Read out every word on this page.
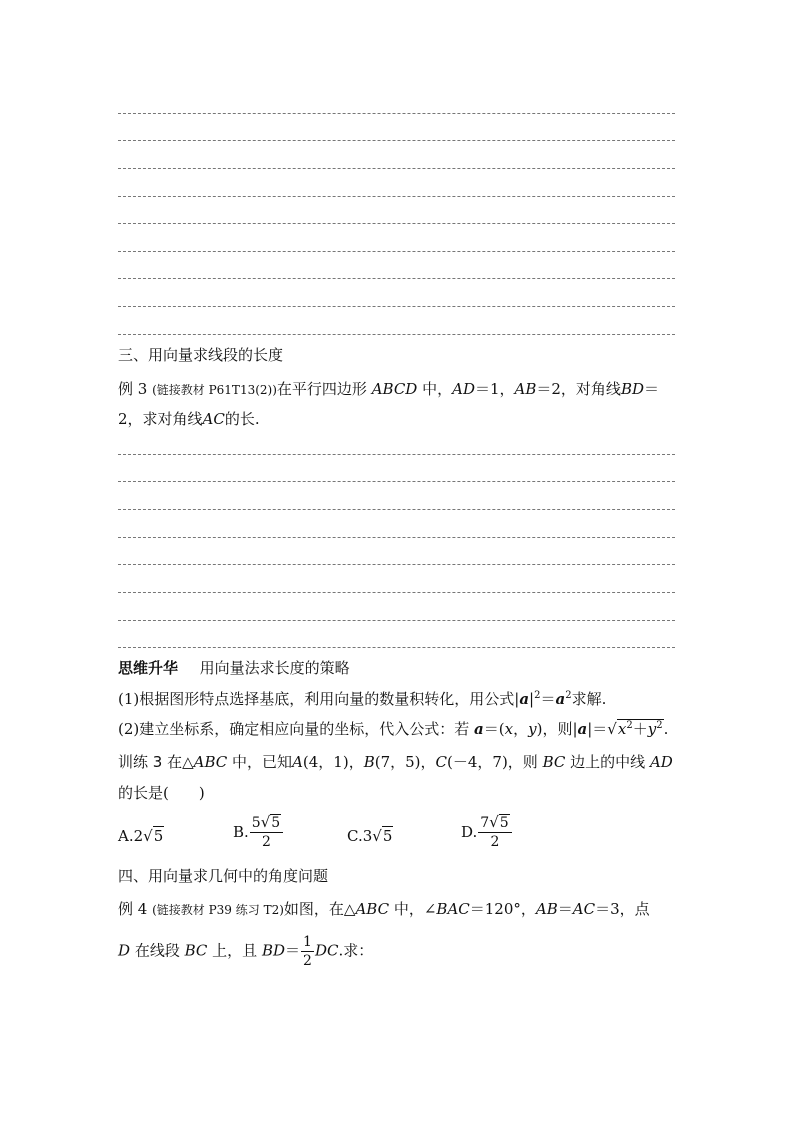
三、用向量求线段的长度
例 3 (链接教材 P61T13(2))在平行四边形 ABCD 中，AD＝1，AB＝2，对角线BD＝
2，求对角线AC的长.
思维升华 用向量法求长度的策略
(1)根据图形特点选择基底，利用向量的数量积转化，用公式$|a|^2=a^2$求解.
(2)建立坐标系，确定相应向量的坐标，代入公式：若 a＝(x，y)，则$|a|=√x^2+y^2$.
训练 3 在△ABC 中，已知A(4，1)，B(7，5)，C(－4，7)，则 BC 边上的中线 AD
的长是(　　)
A.2√5	B. $\frac{5√5}{2}$	C.3√5	D. $\frac{7√5}{2}$
四、用向量求几何中的角度问题
例 4 (链接教材 P39 练习 T2)如图，在△ABC 中，∠BAC＝120°，AB＝AC＝3，点
D 在线段 BC 上，且 $BD= \frac{1}{2}$ DC.求：
